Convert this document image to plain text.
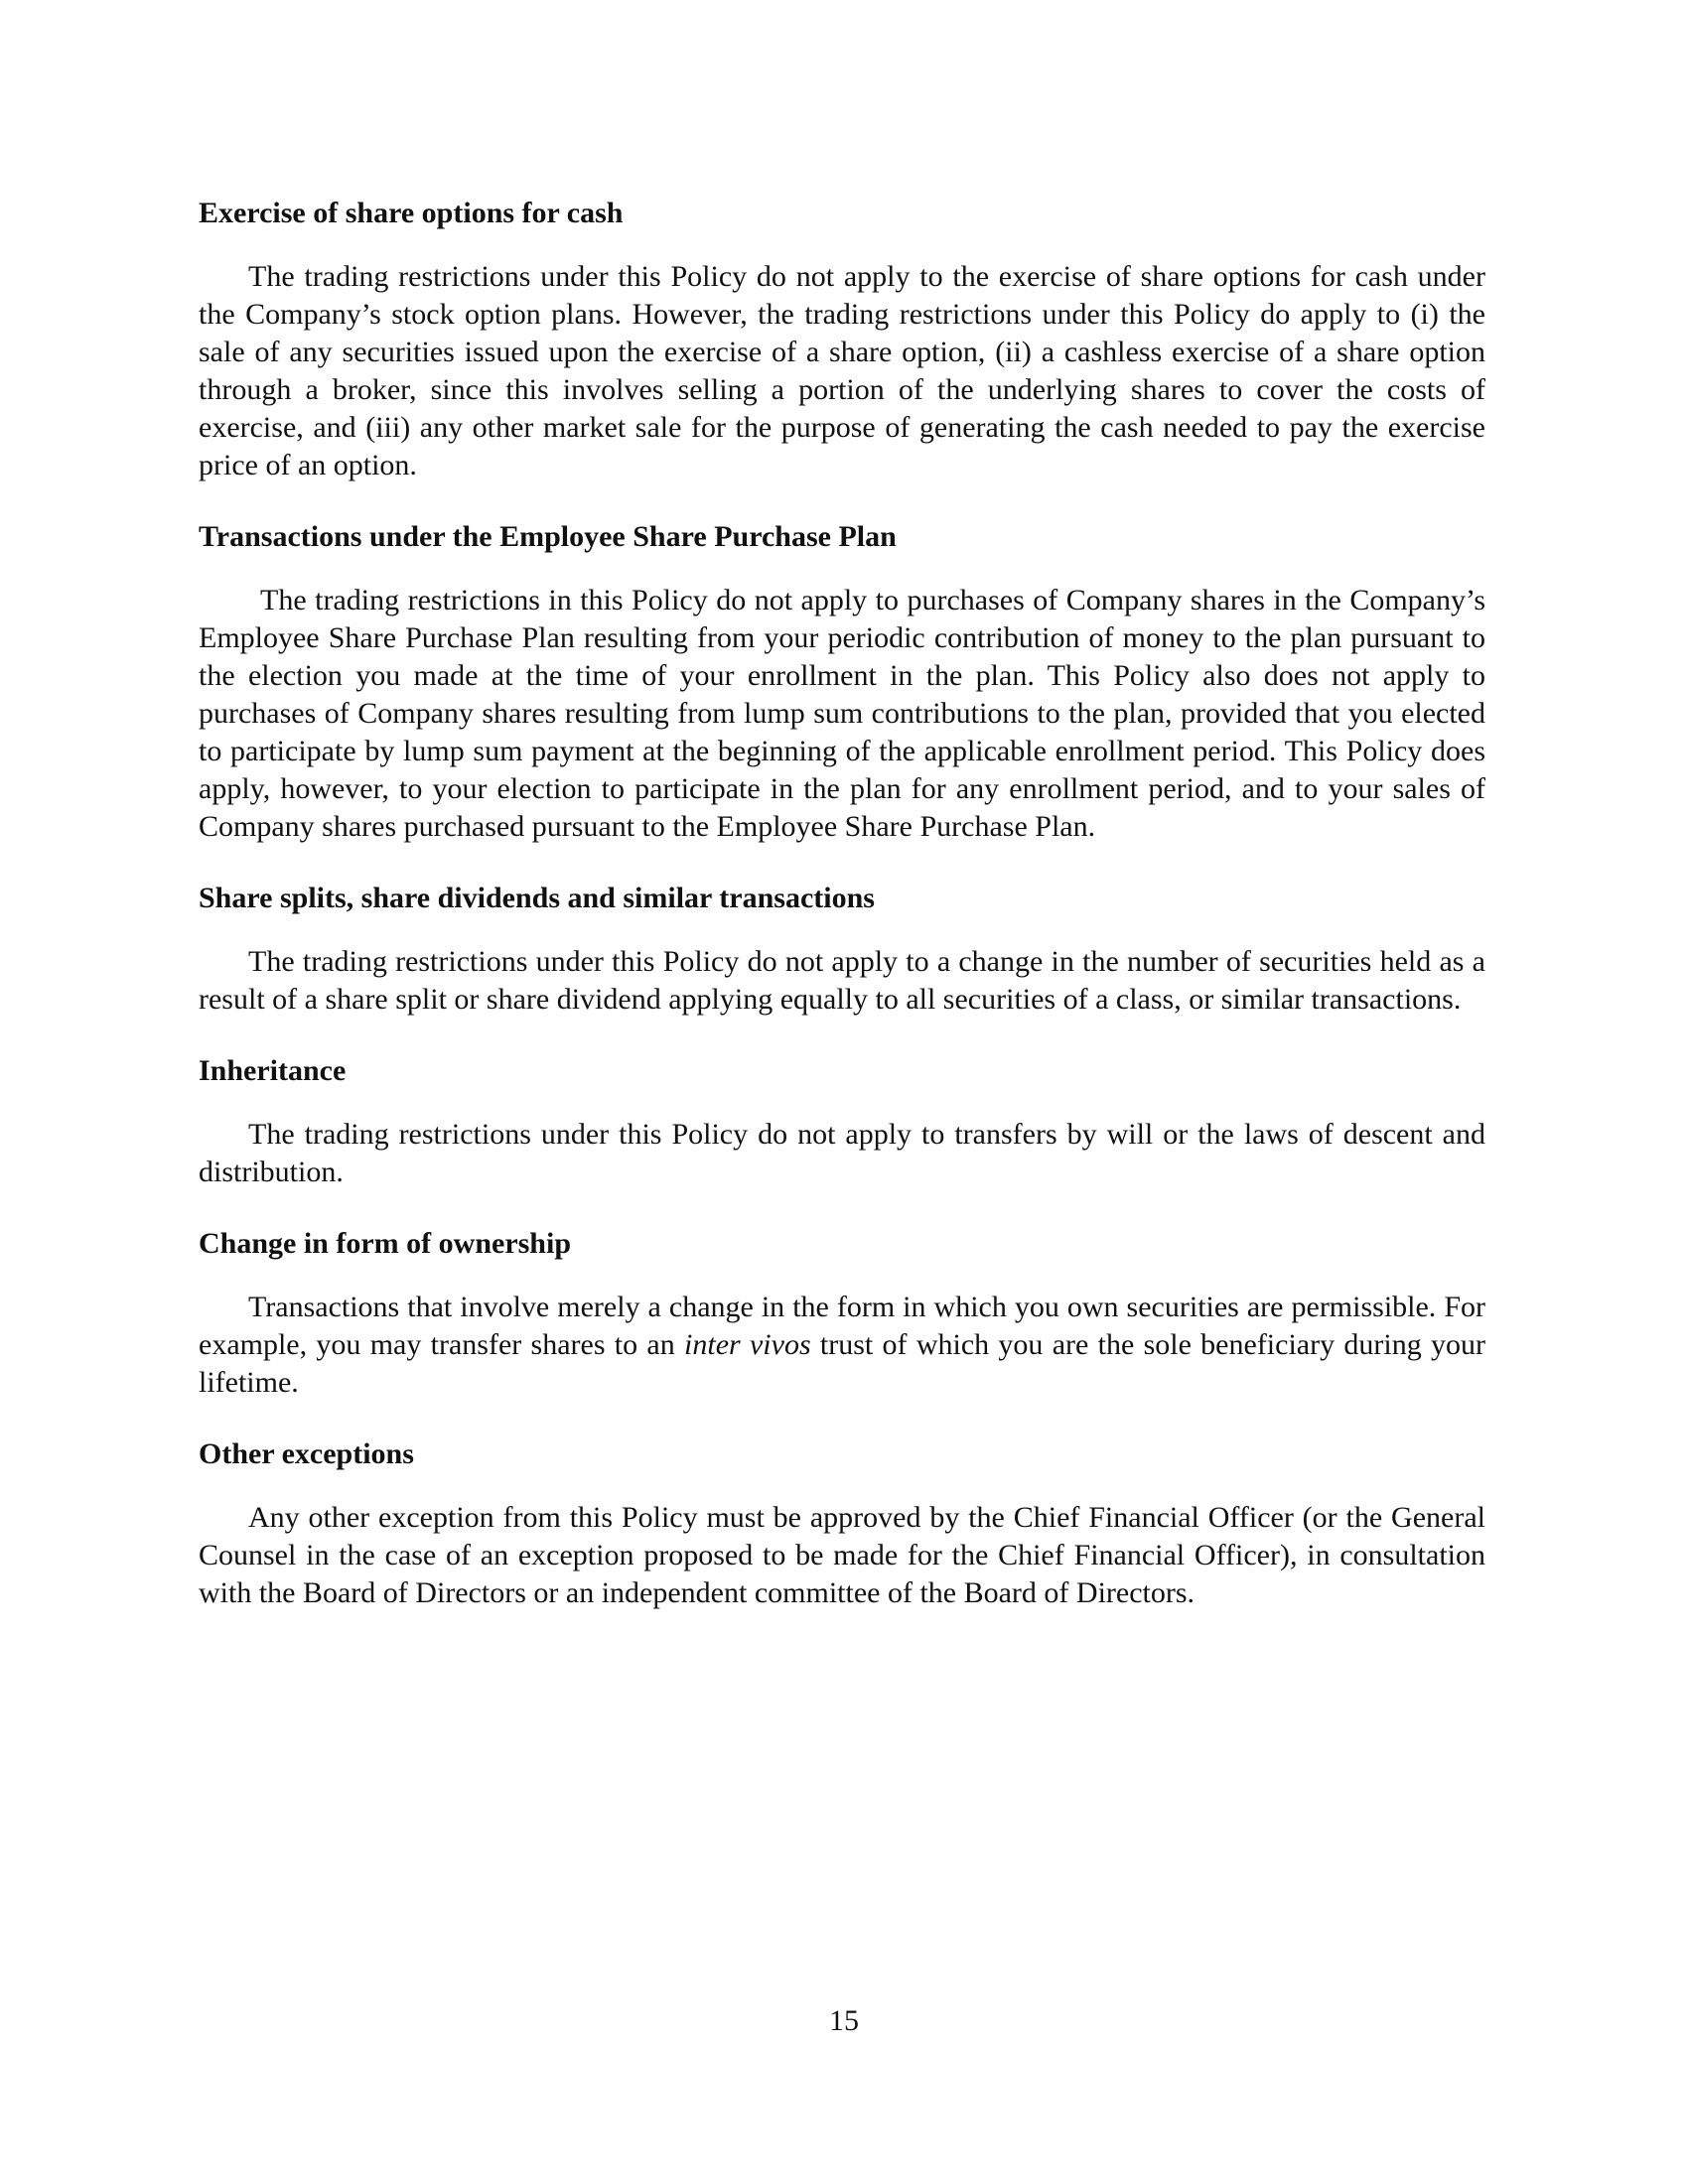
Exercise of share options for cash
The trading restrictions under this Policy do not apply to the exercise of share options for cash under the Company’s stock option plans. However, the trading restrictions under this Policy do apply to (i) the sale of any securities issued upon the exercise of a share option, (ii) a cashless exercise of a share option through a broker, since this involves selling a portion of the underlying shares to cover the costs of exercise, and (iii) any other market sale for the purpose of generating the cash needed to pay the exercise price of an option.
Transactions under the Employee Share Purchase Plan
The trading restrictions in this Policy do not apply to purchases of Company shares in the Company’s Employee Share Purchase Plan resulting from your periodic contribution of money to the plan pursuant to the election you made at the time of your enrollment in the plan. This Policy also does not apply to purchases of Company shares resulting from lump sum contributions to the plan, provided that you elected to participate by lump sum payment at the beginning of the applicable enrollment period. This Policy does apply, however, to your election to participate in the plan for any enrollment period, and to your sales of Company shares purchased pursuant to the Employee Share Purchase Plan.
Share splits, share dividends and similar transactions
The trading restrictions under this Policy do not apply to a change in the number of securities held as a result of a share split or share dividend applying equally to all securities of a class, or similar transactions.
Inheritance
The trading restrictions under this Policy do not apply to transfers by will or the laws of descent and distribution.
Change in form of ownership
Transactions that involve merely a change in the form in which you own securities are permissible. For example, you may transfer shares to an inter vivos trust of which you are the sole beneficiary during your lifetime.
Other exceptions
Any other exception from this Policy must be approved by the Chief Financial Officer (or the General Counsel in the case of an exception proposed to be made for the Chief Financial Officer), in consultation with the Board of Directors or an independent committee of the Board of Directors.
15
